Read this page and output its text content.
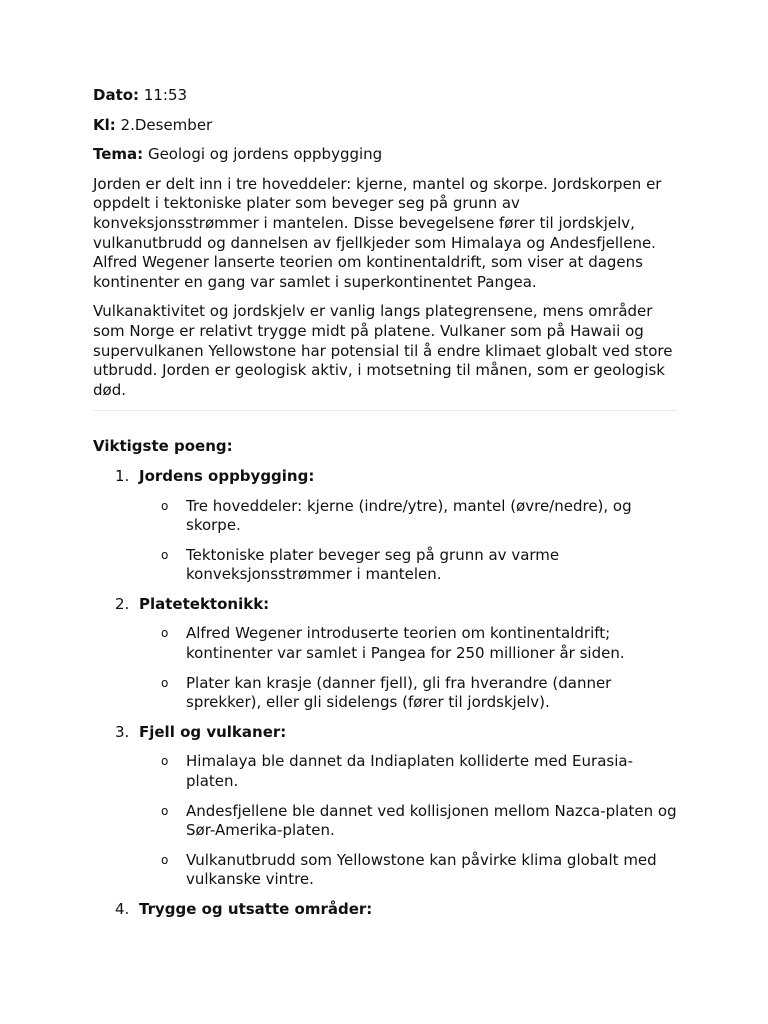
Dato: 11:53

Kl: 2.Desember

Tema: Geologi og jordens oppbygging

Jorden er delt inn i tre hoveddeler: kjerne, mantel og skorpe. Jordskorpen er oppdelt i tektoniske plater som beveger seg på grunn av konveksjonsstrømmer i mantelen. Disse bevegelsene fører til jordskjelv, vulkanutbrudd og dannelsen av fjellkjeder som Himalaya og Andesfjellene. Alfred Wegener lanserte teorien om kontinentaldrift, som viser at dagens kontinenter en gang var samlet i superkontinentet Pangea.

Vulkanaktivitet og jordskjelv er vanlig langs plategrensene, mens områder som Norge er relativt trygge midt på platene. Vulkaner som på Hawaii og supervulkanen Yellowstone har potensial til å endre klimaet globalt ved store utbrudd. Jorden er geologisk aktiv, i motsetning til månen, som er geologisk død.

Viktigste poeng:
1. Jordens oppbygging:
o Tre hoveddeler: kjerne (indre/ytre), mantel (øvre/nedre), og skorpe.
o Tektoniske plater beveger seg på grunn av varme konveksjonsstrømmer i mantelen.
2. Platetektonikk:
o Alfred Wegener introduserte teorien om kontinentaldrift; kontinenter var samlet i Pangea for 250 millioner år siden.
o Plater kan krasje (danner fjell), gli fra hverandre (danner sprekker), eller gli sidelengs (fører til jordskjelv).
3. Fjell og vulkaner:
o Himalaya ble dannet da Indiaplaten kolliderte med Eurasia-platen.
o Andesfjellene ble dannet ved kollisjonen mellom Nazca-platen og Sør-Amerika-platen.
o Vulkanutbrudd som Yellowstone kan påvirke klima globalt med vulkanske vintre.
4. Trygge og utsatte områder:
